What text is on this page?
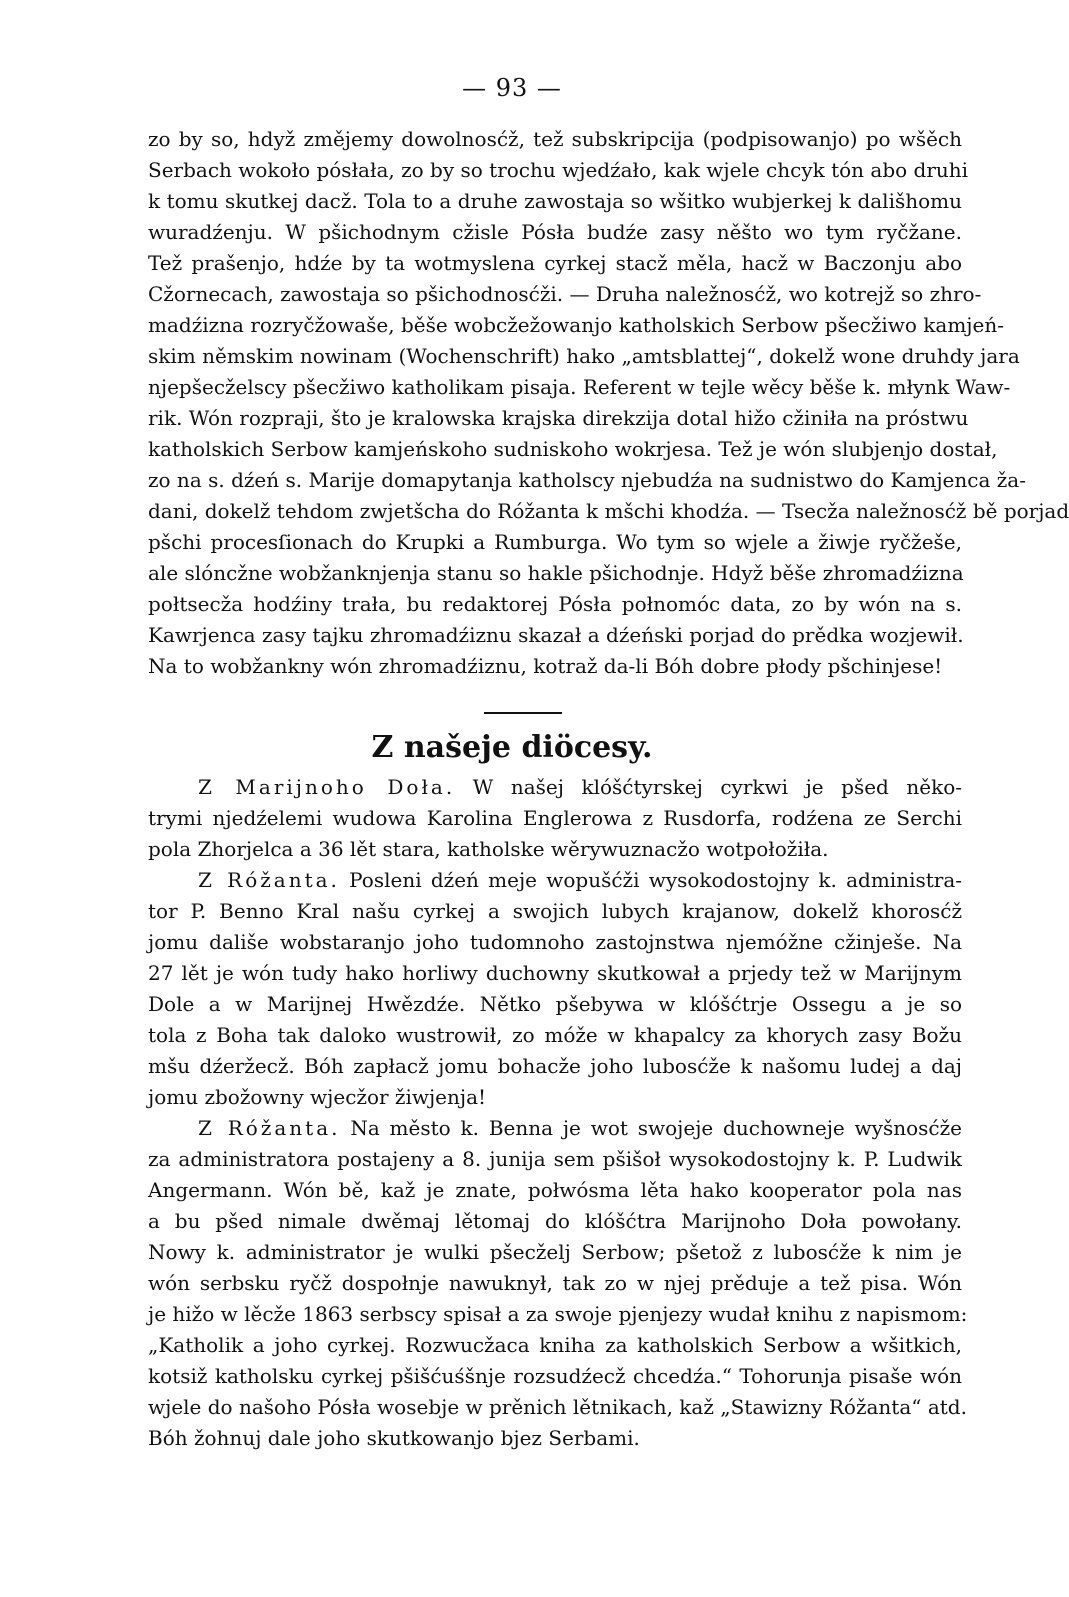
— 93 —
zo by so, hdyž změjemy dowolnosćž, tež subskripcija (podpisowanjo) po wšěch
Serbach wokoło pósłała, zo by so trochu wjedźało, kak wjele chcyk tón abo druhi
k tomu skutkej dacž. Tola to a druhe zawostaja so wšitko wubjerkej k dališhomu
wuradźenju. W pšichodnym cžisle Pósła budźe zasy něšto wo tym ryčžane.
Tež prašenjo, hdźe by ta wotmyslena cyrkej stacž měla, hacž w Baczonju abo
Cžornecach, zawostaja so pšichodnosćži. — Druha naležnosćž, wo kotrejž so zhro-
madźizna rozryčžowaše, běše wobcžežowanjo katholskich Serbow pšecžiwo kamjeń-
skim němskim nowinam (Wochenschrift) hako „amtsblattej“, dokelž wone druhdy jara
njepšecželscy pšecžiwo katholikam pisaja. Referent w tejle wěcy běše k. młynk Waw-
rik. Wón rozpraji, što je kralowska krajska direkzija dotal hižo cžiniła na próstwu
katholskich Serbow kamjeńskoho sudniskoho wokrjesa. Tež je wón slubjenjo dostał,
zo na s. dźeń s. Marije domapytanja katholscy njebudźa na sudnistwo do Kamjenca ža-
dani, dokelž tehdom zwjetšcha do Róžanta k mšchi khodźa. — Tsecža naležnosćž bě porjad
pšchi procesſionach do Krupki a Rumburga. Wo tym so wjele a žiwje ryčžeše,
ale slóncžne wobžanknjenja stanu so hakle pšichodnje. Hdyž běše zhromadźizna
połtsecža hodźiny trała, bu redaktorej Pósła połnomóc data, zo by wón na s.
Kawrjenca zasy tajku zhromadźiznu skazał a dźeński porjad do prědka wozjewił.
Na to wobžankny wón zhromadźiznu, kotraž da-li Bóh dobre płody pšchinjese!
Z našeje diöcesy.
Z Marijnoho Doła. W našej klóšćtyrskej cyrkwi je pšed něko-
trymi njedźelemi wudowa Karolina Englerowa z Rusdorfa, rodźena ze Serchi
pola Zhorjelca a 36 lět stara, katholske wěrywuznacžo wotpołožiła.
Z Róžanta. Posleni dźeń meje wopušćži wysokodostojny k. administra-
tor P. Benno Kral našu cyrkej a swojich lubych krajanow, dokelž khorosćž
jomu dališe wobstaranjo joho tudomnoho zastojnstwa njemóžne cžinješe. Na
27 lět je wón tudy hako horliwy duchowny skutkował a prjedy tež w Marijnym
Dole a w Marijnej Hwězdźe. Nětko pšebywa w klóšćtrje Ossegu a je so
tola z Boha tak daloko wustrowił, zo móže w khapalcy za khorych zasy Božu
mšu dźeržecž. Bóh zapłacž jomu bohacže joho lubosćže k našomu ludej a daj
jomu zbožowny wjecžor žiwjenja!
Z Róžanta. Na město k. Benna je wot swojeje duchowneje wyšnosćže
za administratora postajeny a 8. junija sem pšišoł wysokodostojny k. P. Ludwik
Angermann. Wón bě, kaž je znate, połwósma lěta hako kooperator pola nas
a bu pšed nimale dwěmaj lětomaj do klóšćtra Marijnoho Doła powołany.
Nowy k. administrator je wulki pšecželj Serbow; pšetož z lubosćže k nim je
wón serbsku ryčž dospołnje nawuknył, tak zo w njej prěduje a tež pisa. Wón
je hižo w lěcže 1863 serbscy spisał a za swoje pjenjezy wudał knihu z napismom:
„Katholik a joho cyrkej. Rozwucžaca kniha za katholskich Serbow a wšitkich,
kotsiž katholsku cyrkej pšišćuśšnje rozsudźecž chcedźa.“ Tohorunja pisaše wón
wjele do našoho Pósła wosebje w prěnich lětnikach, kaž „Stawizny Róžanta“ atd.
Bóh žohnuj dale joho skutkowanjo bjez Serbami.
